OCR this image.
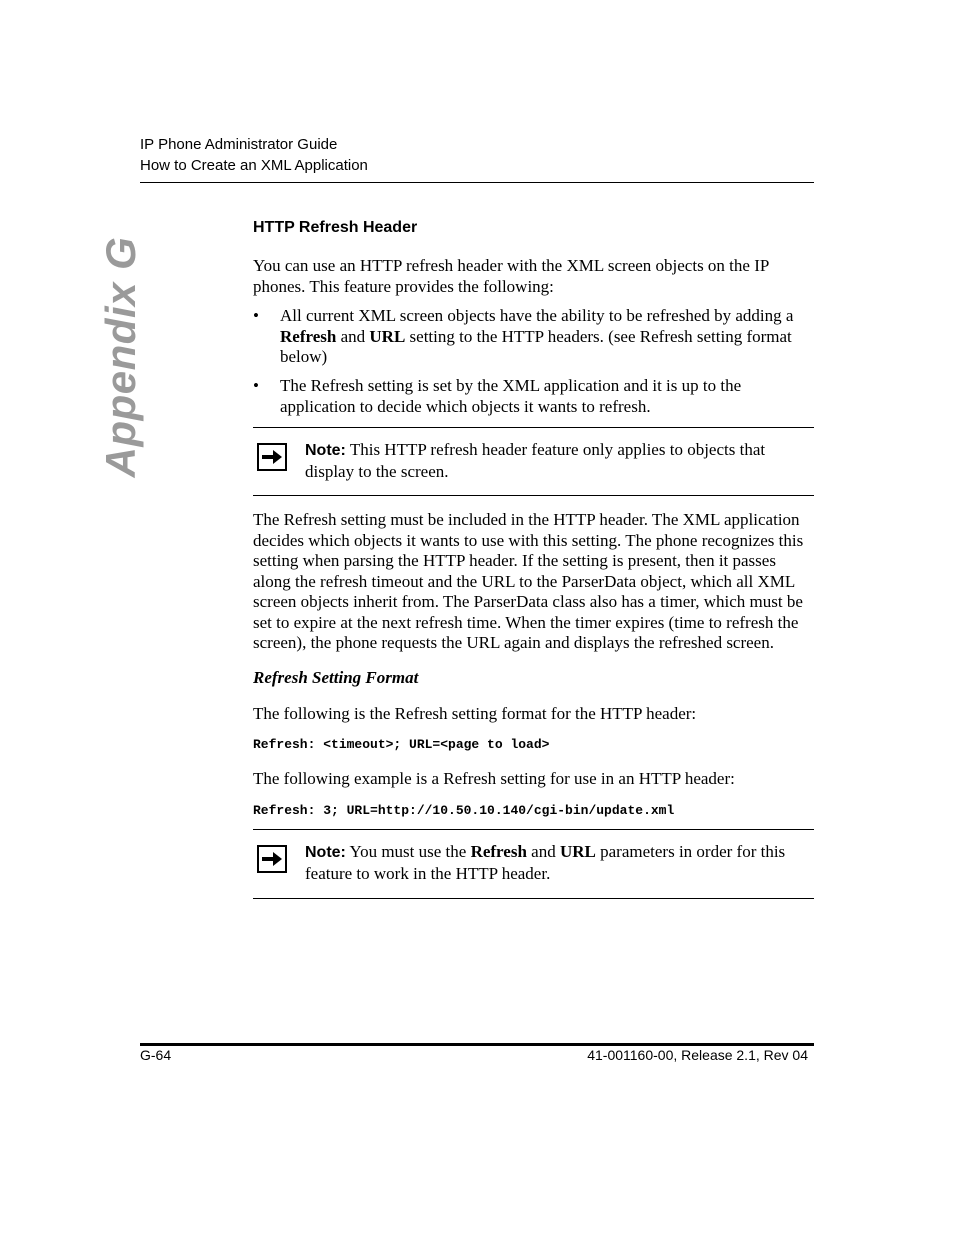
IP Phone Administrator Guide
How to Create an XML Application
Appendix G
HTTP Refresh Header
You can use an HTTP refresh header with the XML screen objects on the IP phones. This feature provides the following:
• All current XML screen objects have the ability to be refreshed by adding a Refresh and URL setting to the HTTP headers. (see Refresh setting format below)
• The Refresh setting is set by the XML application and it is up to the application to decide which objects it wants to refresh.
Note: This HTTP refresh header feature only applies to objects that display to the screen.
The Refresh setting must be included in the HTTP header. The XML application decides which objects it wants to use with this setting. The phone recognizes this setting when parsing the HTTP header. If the setting is present, then it passes along the refresh timeout and the URL to the ParserData object, which all XML screen objects inherit from. The ParserData class also has a timer, which must be set to expire at the next refresh time. When the timer expires (time to refresh the screen), the phone requests the URL again and displays the refreshed screen.
Refresh Setting Format
The following is the Refresh setting format for the HTTP header:
Refresh: <timeout>; URL=<page to load>
The following example is a Refresh setting for use in an HTTP header:
Refresh: 3; URL=http://10.50.10.140/cgi-bin/update.xml
Note: You must use the Refresh and URL parameters in order for this feature to work in the HTTP header.
G-64	41-001160-00, Release 2.1, Rev 04
